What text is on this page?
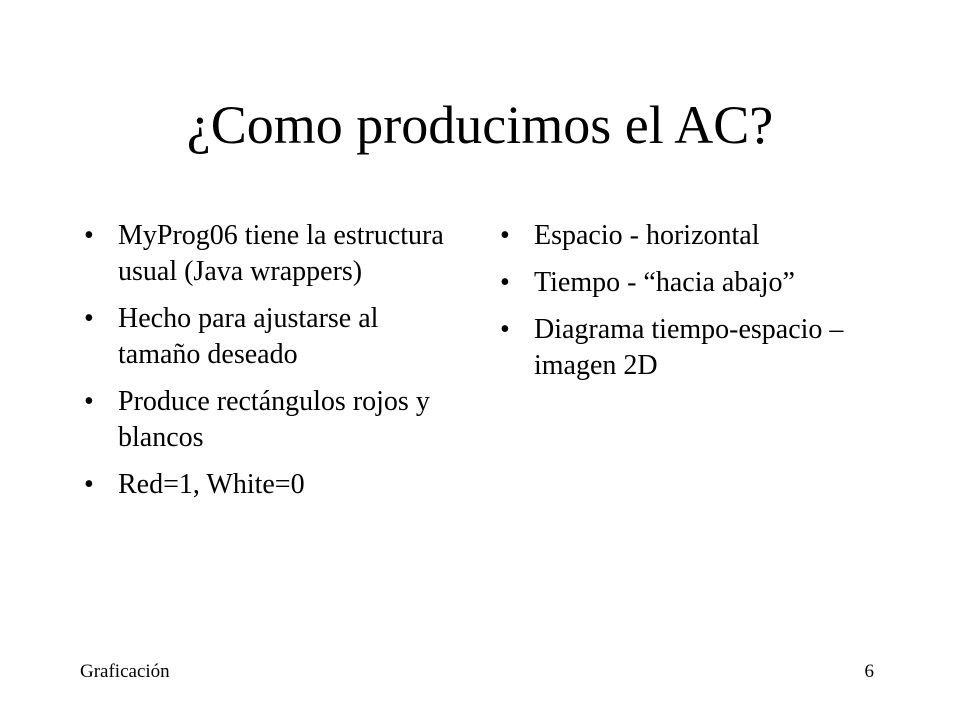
¿Como producimos el AC?
• MyProg06 tiene la estructura usual (Java wrappers)
• Hecho para ajustarse al tamaño deseado
• Produce rectángulos rojos y blancos
• Red=1, White=0
• Espacio - horizontal
• Tiempo - “hacia abajo”
• Diagrama tiempo-espacio – imagen 2D
Graficación	6
